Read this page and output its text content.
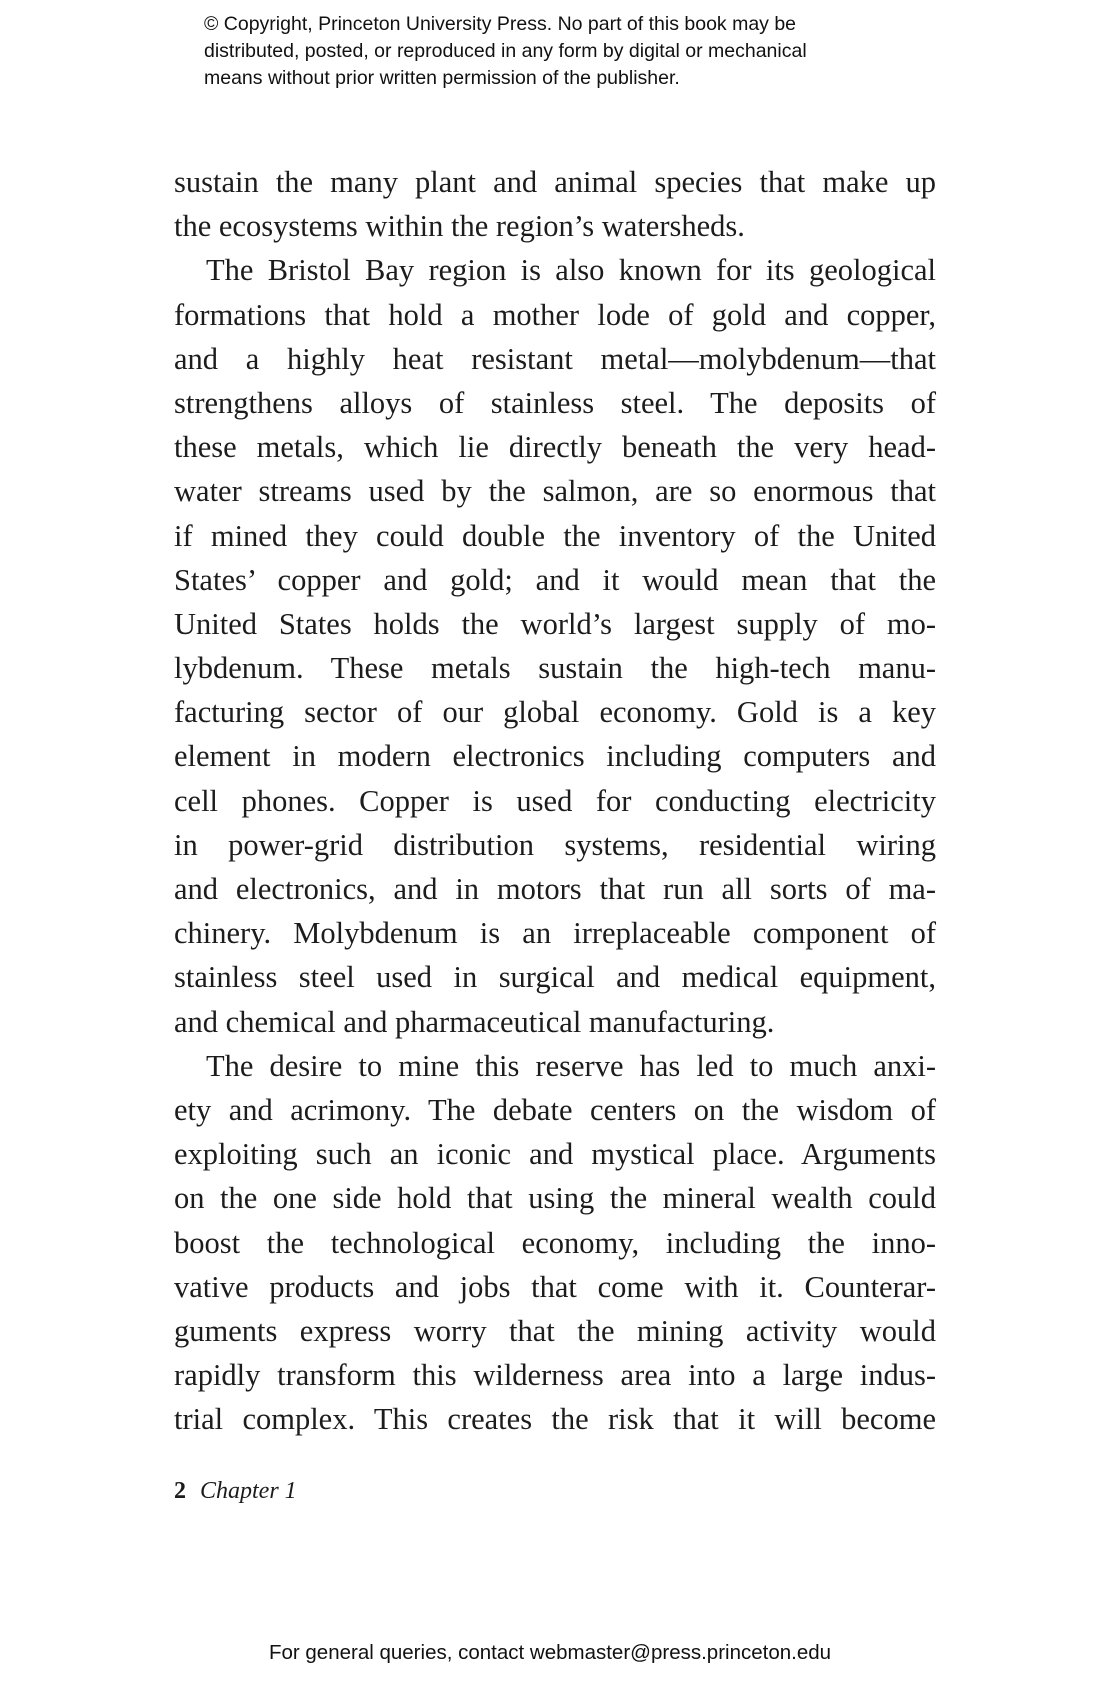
© Copyright, Princeton University Press. No part of this book may be
distributed, posted, or reproduced in any form by digital or mechanical
means without prior written permission of the publisher.
sustain the many plant and animal species that make up
the ecosystems within the region’s watersheds.
The Bristol Bay region is also known for its geological
formations that hold a mother lode of gold and copper,
and a highly heat resistant metal—molybdenum—that
strengthens alloys of stainless steel. The deposits of
these metals, which lie directly beneath the very head-
water streams used by the salmon, are so enormous that
if mined they could double the inventory of the United
States’ copper and gold; and it would mean that the
United States holds the world’s largest supply of mo-
lybdenum. These metals sustain the high-tech manu-
facturing sector of our global economy. Gold is a key
element in modern electronics including computers and
cell phones. Copper is used for conducting electricity
in power-grid distribution systems, residential wiring
and electronics, and in motors that run all sorts of ma-
chinery. Molybdenum is an irreplaceable component of
stainless steel used in surgical and medical equipment,
and chemical and pharmaceutical manufacturing.
The desire to mine this reserve has led to much anxi-
ety and acrimony. The debate centers on the wisdom of
exploiting such an iconic and mystical place. Arguments
on the one side hold that using the mineral wealth could
boost the technological economy, including the inno-
vative products and jobs that come with it. Counterar-
guments express worry that the mining activity would
rapidly transform this wilderness area into a large indus-
trial complex. This creates the risk that it will become
2 Chapter 1
For general queries, contact webmaster@press.princeton.edu
